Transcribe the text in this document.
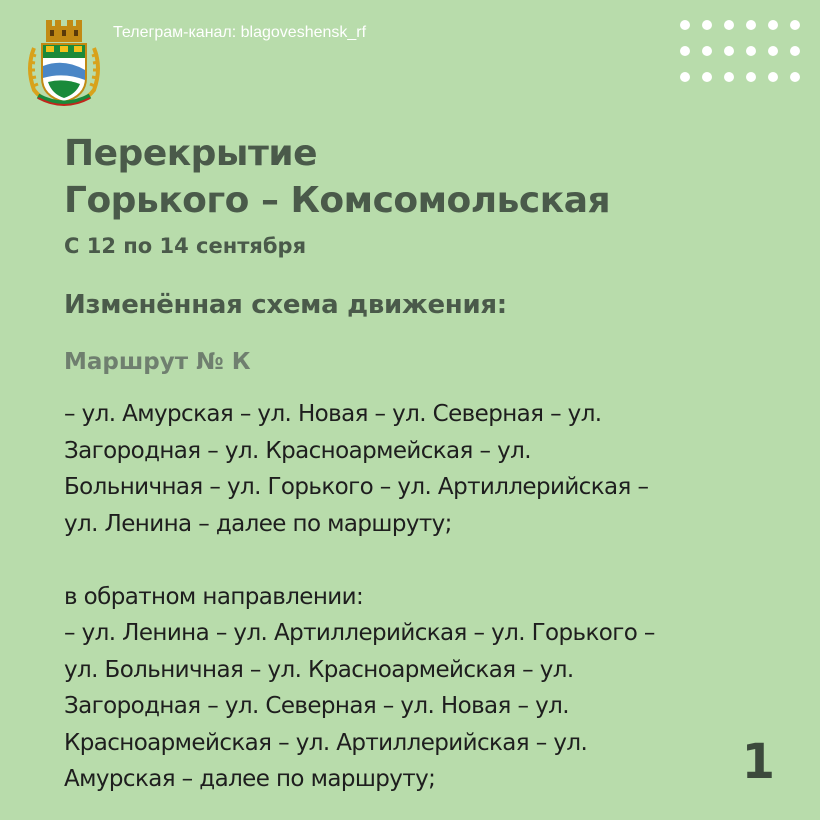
Телеграм-канал: blagoveshensk_rf
Перекрытие
Горького – Комсомольская
С 12 по 14 сентября
Изменённая схема движения:
Маршрут № К
– ул. Амурская – ул. Новая – ул. Северная – ул.
Загородная – ул. Красноармейская – ул.
Больничная – ул. Горького – ул. Артиллерийская –
ул. Ленина – далее по маршруту;
в обратном направлении:
– ул. Ленина – ул. Артиллерийская – ул. Горького –
ул. Больничная – ул. Красноармейская – ул.
Загородная – ул. Северная – ул. Новая – ул.
Красноармейская – ул. Артиллерийская – ул.
Амурская – далее по маршруту;	1
